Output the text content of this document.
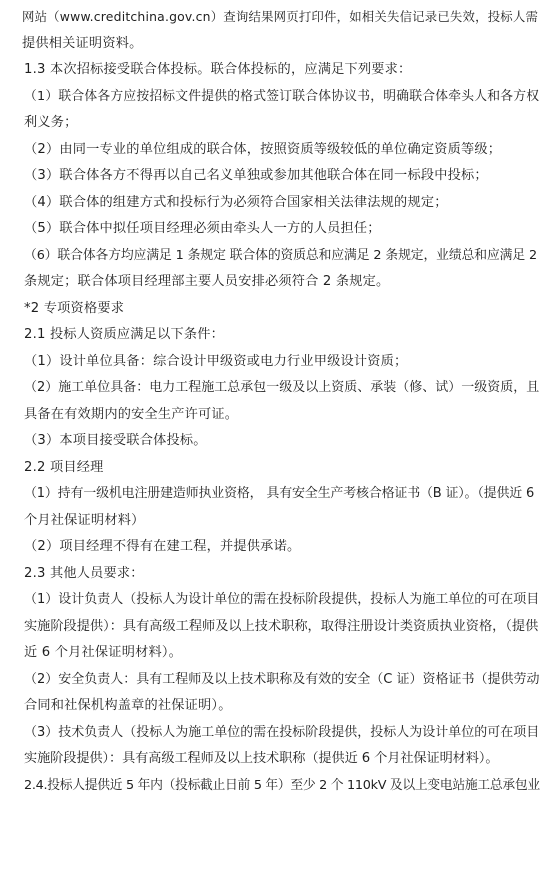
网站（www.creditchina.gov.cn）查询结果网页打印件，如相关失信记录已失效，投标人需
提供相关证明资料。
1.3 本次招标接受联合体投标。联合体投标的，应满足下列要求：
（1）联合体各方应按招标文件提供的格式签订联合体协议书，明确联合体牵头人和各方权
利义务；
（2）由同一专业的单位组成的联合体，按照资质等级较低的单位确定资质等级；
（3）联合体各方不得再以自己名义单独或参加其他联合体在同一标段中投标；
（4）联合体的组建方式和投标行为必须符合国家相关法律法规的规定；
（5）联合体中拟任项目经理必须由牵头人一方的人员担任；
（6）联合体各方均应满足 1 条规定 联合体的资质总和应满足 2 条规定，业绩总和应满足 2
条规定；联合体项目经理部主要人员安排必须符合 2 条规定。
*2 专项资格要求
2.1 投标人资质应满足以下条件：
（1）设计单位具备：综合设计甲级资或电力行业甲级设计资质；
（2）施工单位具备：电力工程施工总承包一级及以上资质、承装（修、试）一级资质，且
具备在有效期内的安全生产许可证。
（3）本项目接受联合体投标。
2.2 项目经理
（1）持有一级机电注册建造师执业资格， 具有安全生产考核合格证书（B 证）。（提供近 6
个月社保证明材料）
（2）项目经理不得有在建工程，并提供承诺。
2.3 其他人员要求：
（1）设计负责人（投标人为设计单位的需在投标阶段提供，投标人为施工单位的可在项目
实施阶段提供）：具有高级工程师及以上技术职称，取得注册设计类资质执业资格，（提供
近 6 个月社保证明材料）。
（2）安全负责人：具有工程师及以上技术职称及有效的安全（C 证）资格证书（提供劳动
合同和社保机构盖章的社保证明）。
（3）技术负责人（投标人为施工单位的需在投标阶段提供，投标人为设计单位的可在项目
实施阶段提供）：具有高级工程师及以上技术职称（提供近 6 个月社保证明材料）。
2.4.投标人提供近 5 年内（投标截止日前 5 年）至少 2 个 110kV 及以上变电站施工总承包业
